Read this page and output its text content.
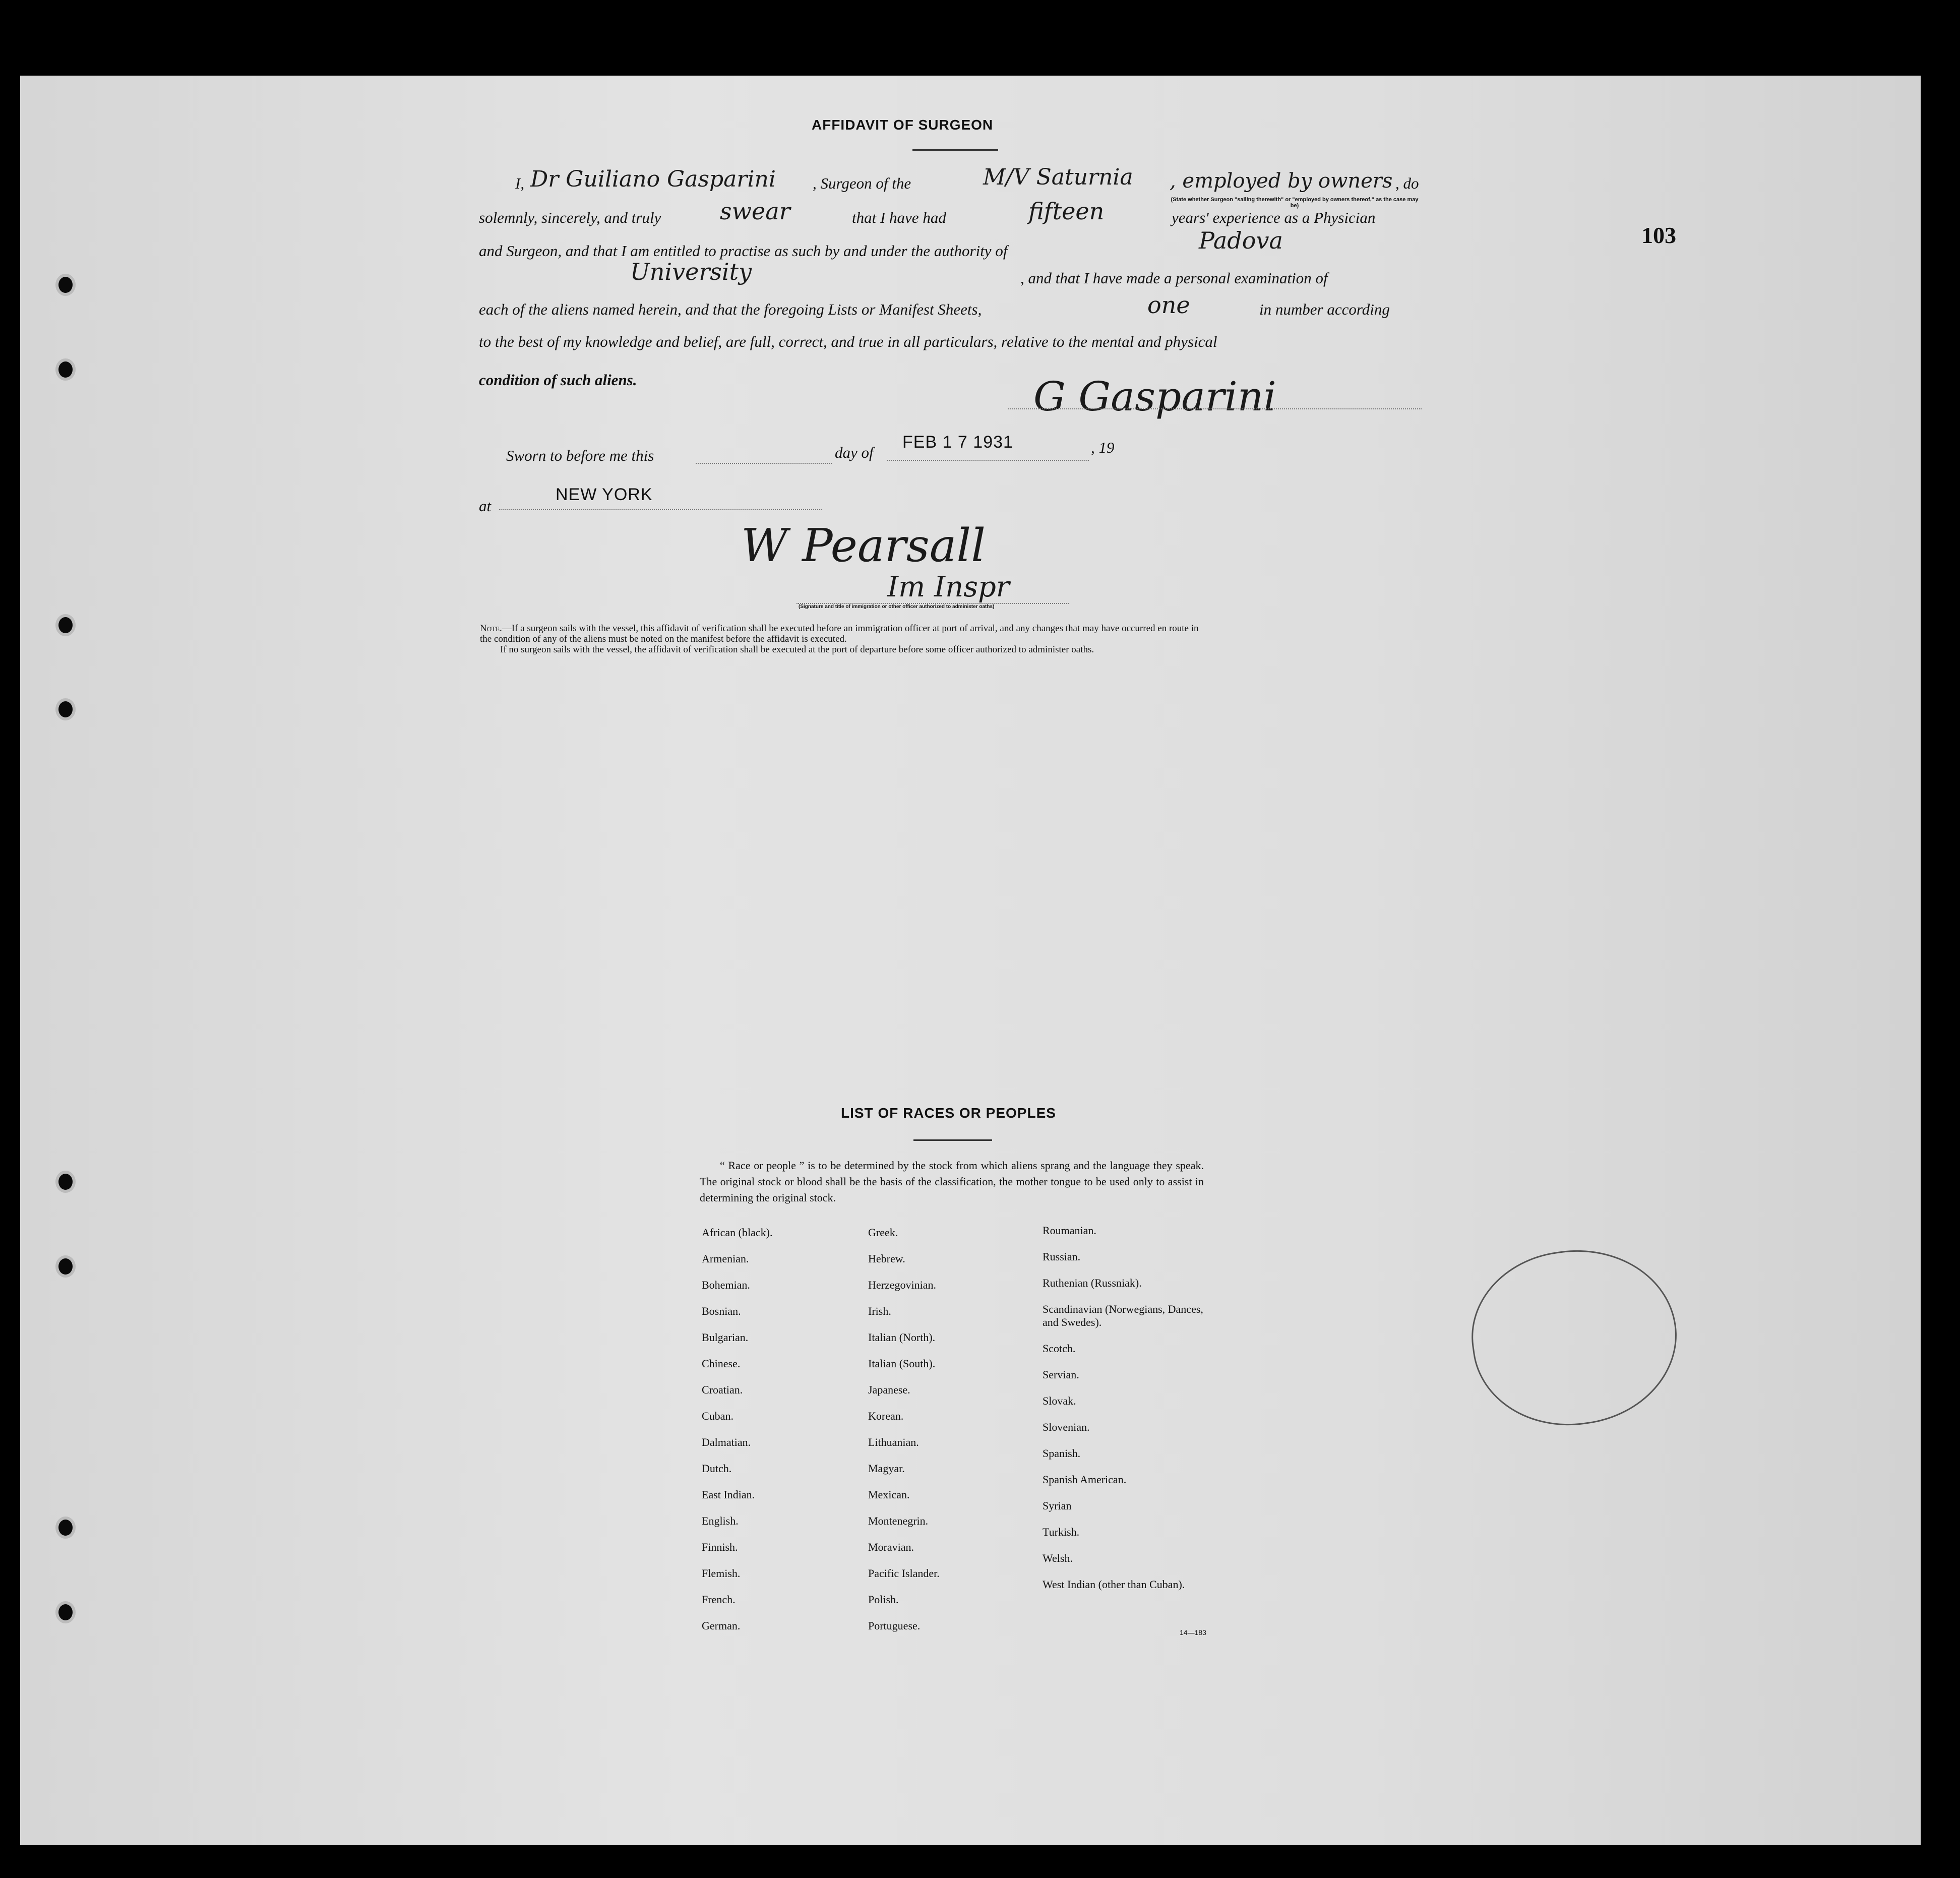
103
AFFIDAVIT OF SURGEON
I, Dr Guiliano Gasparini , Surgeon of the	M/V Saturnia , employed by owners , do
(State whether Surgeon "sailing therewith" or "employed by owners thereof," as the case may be)
solemnly, sincerely, and truly	swear	that I have had	fifteen	years' experience as a Physician
and Surgeon, and that I am entitled to practise as such by and under the authority of	Padova
University	, and that I have made a personal examination of
each of the aliens named herein, and that the foregoing Lists or Manifest Sheets,	one	in number according
to the best of my knowledge and belief, are full, correct, and true in all particulars, relative to the mental and physical
condition of such aliens.	G Gasparini
Sworn to before me this	day of
FEB 1 7 1931	, 19
at
NEW YORK
W Pearsall
Im Inspr
(Signature and title of immigration or other officer authorized to administer oaths)

Note.—If a surgeon sails with the vessel, this affidavit of verification shall be executed before an immigration officer at port of arrival, and any changes that may have occurred en route in

the condition of any of the aliens must be noted on the manifest before the affidavit is executed.

If no surgeon sails with the vessel, the affidavit of verification shall be executed at the port of departure before some officer authorized to administer oaths.

LIST OF RACES OR PEOPLES
“ Race or people ” is to be determined by the stock from which aliens sprang and the language they speak. The original stock or blood shall be the basis of the classification, the mother tongue to be used only to assist in determining the original stock.
African (black).
Armenian.
Bohemian.
Bosnian.
Bulgarian.
Chinese.
Croatian.
Cuban.
Dalmatian.
Dutch.
East Indian.
English.
Finnish.
Flemish.
French.
German.
Greek.
Hebrew.
Herzegovinian.
Irish.
Italian (North).
Italian (South).
Japanese.
Korean.
Lithuanian.
Magyar.
Mexican.
Montenegrin.
Moravian.
Pacific Islander.
Polish.
Portuguese.
Roumanian.
Russian.
Ruthenian (Russniak).
Scandinavian (Norwegians, Dances, and Swedes).
Scotch.
Servian.
Slovak.
Slovenian.
Spanish.
Spanish American.
Syrian
Turkish.
Welsh.
West Indian (other than Cuban).
14—183
